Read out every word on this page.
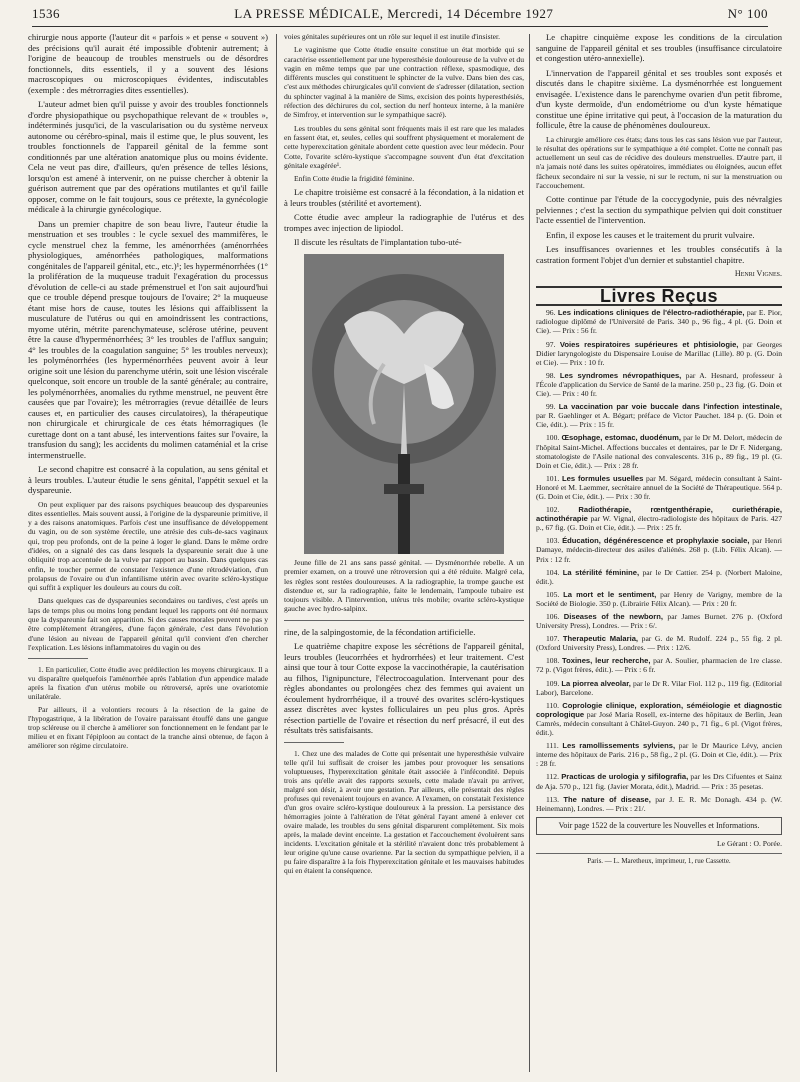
1536	LA PRESSE MÉDICALE, Mercredi, 14 Décembre 1927	N° 100

chirurgie nous apporte (l'auteur dit « parfois » et pense « souvent ») des précisions qu'il aurait été impossible d'obtenir autrement; à l'origine de beaucoup de troubles menstruels ou de désordres fonctionnels, dits essentiels, il y a souvent des lésions macroscopiques ou microscopiques évidentes, indiscutables (exemple : des métrorragies dites essentielles).

L'auteur admet bien qu'il puisse y avoir des troubles fonctionnels d'ordre physiopathique ou psychopathique relevant de « troubles », indéterminés jusqu'ici, de la vascularisation ou du système nerveux autonome ou cérébro-spinal, mais il estime que, le plus souvent, les troubles fonctionnels de l'appareil génital de la femme sont conditionnés par une altération anatomique plus ou moins évidente. Cela ne veut pas dire, d'ailleurs, qu'en présence de telles lésions, lorsqu'on est amené à intervenir, on ne puisse chercher à obtenir la guérison autrement que par des opérations mutilantes et qu'il faille opposer, comme on le fait toujours, sous ce prétexte, la gynécologie médicale à la chirurgie gynécologique.

Dans un premier chapitre de son beau livre, l'auteur étudie la menstruation et ses troubles : le cycle sexuel des mammifères, le cycle menstruel chez la femme, les aménorrhées (aménorrhées physiologiques, aménorrhées pathologiques, malformations congénitales de l'appareil génital, etc., etc.)¹; les hyperménorrhées (1° la prolifération de la muqueuse traduit l'exagération du processus d'évolution de celle-ci au stade prémenstruel et l'on sait aujourd'hui que ce trouble dépend presque toujours de l'ovaire; 2° la muqueuse étant mise hors de cause, toutes les lésions qui affaiblissent la musculature de l'utérus ou qui en amoindrissent les contractions, myome utérin, métrite parenchymateuse, sclérose utérine, peuvent être la cause d'hyperménorrhées; 3° les troubles de l'afflux sanguin; 4° les troubles de la coagulation sanguine; 5° les troubles nerveux); les polyménorrhées (les hyperménorrhées peuvent avoir à leur origine soit une lésion du parenchyme utérin, soit une lésion viscérale quelconque, soit encore un trouble de la santé générale; au contraire, les polyménorrhées, anomalies du rythme menstruel, ne peuvent être causées que par l'ovaire); les métrorragies (revue détaillée de leurs causes et, en particulier des causes circulatoires), la thérapeutique non chirurgicale et chirurgicale de ces états hémorragiques (le curettage dont on a tant abusé, les interventions faites sur l'ovaire, la transfusion du sang); les accidents du molimen cataménial et la crise intermenstruelle.

Le second chapitre est consacré à la copulation, au sens génital et à leurs troubles. L'auteur étudie le sens génital, l'appétit sexuel et la dyspareunie.

On peut expliquer par des raisons psychiques beaucoup des dyspareunies dites essentielles. Mais souvent aussi, à l'origine de la dyspareunie primitive, il y a des raisons anatomiques. Parfois c'est une insuffisance de développement du vagin, ou de son système érectile, une atrésie des culs-de-sacs vaginaux qui, trop peu profonds, ont de la peine à loger le gland. Dans le même ordre d'idées, on a signalé des cas dans lesquels la dyspareunie serait due à une obliquité trop accentuée de la vulve par rapport au bassin. Dans quelques cas enfin, le toucher permet de constater l'existence d'une rétrodéviation, d'un prolapsus de l'ovaire ou d'un infantilisme utérin avec ovarite scléro-kystique qui suffit à expliquer les douleurs au cours du coït.

Dans quelques cas de dyspareunies secondaires ou tardives, c'est après un laps de temps plus ou moins long pendant lequel les rapports ont été normaux que la dyspareunie fait son apparition. Si des causes morales peuvent ne pas y être complètement étrangères, d'une façon générale, c'est dans l'évolution d'une lésion au niveau de l'appareil génital qu'il convient d'en chercher l'explication. Les lésions inflammatoires du vagin ou des

1. En particulier, Cotte étudie avec prédilection les moyens chirurgicaux. Il a vu disparaître quelquefois l'aménorrhée après l'ablation d'un appendice malade après la fixation d'un utérus mobile ou rétroversé, après une ovariotomie unilatérale.

Par ailleurs, il a volontiers recours à la résection de la gaine de l'hypogastrique, à la libération de l'ovaire paraissant étouffé dans une gangue trop scléreuse ou il cherche à améliorer son fonctionnement en le fendant par le milieu et en fixant l'épiploon au contact de la tranche ainsi obtenue, de façon à améliorer son régime circulatoire.

voies génitales supérieures ont un rôle sur lequel il est inutile d'insister.

Le vaginisme que Cotte étudie ensuite constitue un état morbide qui se caractérise essentiellement par une hyperesthésie douloureuse de la vulve et du vagin en même temps que par une contraction réflexe, spasmodique, des différents muscles qui constituent le sphincter de la vulve. Dans bien des cas, c'est aux méthodes chirurgicales qu'il convient de s'adresser (dilatation, section du sphincter vaginal à la manière de Sims, excision des points hyperesthésiés, réfection des déchirures du col, section du nerf honteux interne, à la manière de Simfroy, et intervention sur le sympathique sacré).

Les troubles du sens génital sont fréquents mais il est rare que les malades en fassent état, et, seules, celles qui souffrent physiquement et moralement de cette hyperexcitation génitale abordent cette question avec leur médecin. Pour Cotte, l'ovarite scléro-kystique s'accompagne souvent d'un état d'excitation génitale exagérée¹.

Enfin Cotte étudie la frigidité féminine.

Le chapitre troisième est consacré à la fécondation, à la nidation et à leurs troubles (stérilité et avortement).

Cotte étudie avec ampleur la radiographie de l'utérus et des trompes avec injection de lipiodol.

Il discute les résultats de l'implantation tubo-uté-

Jeune fille de 21 ans sans passé génital. — Dysménorrhée rebelle. A un premier examen, on a trouvé une rétroversion qui a été réduite. Malgré cela, les règles sont restées douloureuses. A la radiographie, la trompe gauche est distendue et, sur la radiographie, faite le lendemain, l'ampoule tubaire est toujours visible. A l'intervention, utérus très mobile; ovarite scléro-kystique gauche avec hydro-salpinx.

rine, de la salpingostomie, de la fécondation artificielle.

Le quatrième chapitre expose les sécrétions de l'appareil génital, leurs troubles (leucorrhées et hydrorrhées) et leur traitement. C'est ainsi que tour à tour Cotte expose la vaccinothérapie, la cautérisation au filhos, l'ignipuncture, l'électrocoagulation. Intervenant pour des règles abondantes ou prolongées chez des femmes qui avaient un écoulement hydrorrhéique, il a trouvé des ovarites scléro-kystiques assez discrètes avec kystes folliculaires un peu plus gros. Après résection partielle de l'ovaire et résection du nerf présacré, il eut des résultats très satisfaisants.

1. Chez une des malades de Cotte qui présentait une hyperesthésie vulvaire telle qu'il lui suffisait de croiser les jambes pour provoquer les sensations voluptueuses, l'hyperexcitation génitale était associée à l'infécondité. Depuis trois ans qu'elle avait des rapports sexuels, cette malade n'avait pu arriver, malgré son désir, à avoir une gestation. Par ailleurs, elle présentait des règles profuses qui revenaient toujours en avance. A l'examen, on constatait l'existence d'un gros ovaire scléro-kystique douloureux à la pression. La persistance des hémorragies jointe à l'altération de l'état général l'ayant amené à enlever cet ovaire malade, les troubles du sens génital disparurent complètement. Six mois après, la malade devint enceinte. La gestation et l'accouchement évoluèrent sans incidents. L'excitation génitale et la stérilité n'avaient donc très probablement à leur origine qu'une cause ovarienne. Par la section du sympathique pelvien, il a pu faire disparaître à la fois l'hyperexcitation génitale et les mauvaises habitudes qui en étaient la conséquence.

Le chapitre cinquième expose les conditions de la circulation sanguine de l'appareil génital et ses troubles (insuffisance circulatoire et congestion utéro-annexielle).

L'innervation de l'appareil génital et ses troubles sont exposés et discutés dans le chapitre sixième. La dysménorrhée est longuement envisagée. L'existence dans le parenchyme ovarien d'un petit fibrome, d'un kyste dermoïde, d'un endométriome ou d'un kyste hématique constitue une épine irritative qui peut, à l'occasion de la maturation du follicule, être la cause de phénomènes douloureux.

La chirurgie améliore ces états; dans tous les cas sans lésion vue par l'auteur, le résultat des opérations sur le sympathique a été complet. Cotte ne connaît pas actuellement un seul cas de récidive des douleurs menstruelles. D'autre part, il n'a jamais noté dans les suites opératoires, immédiates ou éloignées, aucun effet fâcheux secondaire ni sur la vessie, ni sur le rectum, ni sur la menstruation ou l'accouchement.

Cotte continue par l'étude de la coccygodynie, puis des névralgies pelviennes ; c'est la section du sympathique pelvien qui doit constituer l'acte essentiel de l'intervention.

Enfin, il expose les causes et le traitement du prurit vulvaire.

Les insuffisances ovariennes et les troubles consécutifs à la castration forment l'objet d'un dernier et substantiel chapitre.

Henri Vignes.
Livres Reçus

96. Les indications cliniques de l'électro-radiothérapie, par E. Pior, radiologue diplômé de l'Université de Paris. 340 p., 96 fig., 4 pl. (G. Doin et Cie). — Prix : 56 fr.

97. Voies respiratoires supérieures et phtisiologie, par Georges Didier laryngologiste du Dispensaire Louise de Marillac (Lille). 80 p. (G. Doin et Cie). — Prix : 10 fr.

98. Les syndromes névropathiques, par A. Hesnard, professeur à l'École d'application du Service de Santé de la marine. 250 p., 23 fig. (G. Doin et Cie). — Prix : 40 fr.

99. La vaccination par voie buccale dans l'infection intestinale, par R. Gaehlinger et A. Bégart; préface de Victor Pauchet. 184 p. (G. Doin et Cie, édit.). — Prix : 15 fr.

100. Œsophage, estomac, duodénum, par le Dr M. Delort, médecin de l'hôpital Saint-Michel. Affections buccales et dentaires, par le Dr F. Nidergang, stomatologiste de l'Asile national des convalescents. 316 p., 89 fig., 19 pl. (G. Doin et Cie, édit.). — Prix : 28 fr.

101. Les formules usuelles par M. Ségard, médecin consultant à Saint-Honoré et M. Laemmer, secrétaire annuel de la Société de Thérapeutique. 564 p. (G. Doin et Cie, édit.). — Prix : 30 fr.

102.	Radiothérapie, rœntgenthérapie, curiethérapie, actinothérapie par W. Vignal, électro-radiologiste des hôpitaux de Paris. 427 p., 67 fig. (G. Doin et Cie, édit.). — Prix : 25 fr.

103. Éducation, dégénérescence et prophylaxie sociale, par Henri Damaye, médecin-directeur des asiles d'aliénés. 268 p. (Lib. Félix Alcan). — Prix : 12 fr.

104. La stérilité féminine, par le Dr Cattier. 254 p. (Norbert Maloine, édit.).

105. La mort et le sentiment, par Henry de Varigny, membre de la Société de Biologie. 350 p. (Librairie Félix Alcan). — Prix : 20 fr.

106. Diseases of the newborn, par James Burnet. 276 p. (Oxford University Press), Londres. — Prix : 6/.

107. Therapeutic Malaria, par G. de M. Rudolf. 224 p., 55 fig. 2 pl. (Oxford University Press), Londres. — Prix : 12/6.

108. Toxines, leur recherche, par A. Soulier, pharmacien de 1re classe. 72 p. (Vigot frères, édit.). — Prix : 6 fr.

109. La piorrea alveolar, par le Dr R. Vilar Fiol. 112 p., 119 fig. (Editorial Labor), Barcelone.

110. Coprologie clinique, exploration, séméiologie et diagnostic coprologique par José Maria Rosell, ex-interne des hôpitaux de Berlin, Jean Camrès, médecin consultant à Châtel-Guyon. 240 p., 71 fig., 6 pl. (Vigot frères, édit.).

111. Les ramollissements sylviens, par le Dr Maurice Lévy, ancien interne des hôpitaux de Paris. 216 p., 58 fig., 2 pl. (G. Doin et Cie, édit.). — Prix : 28 fr.

112. Practicas de urologia y sifilografia, par les Drs Cifuentes et Sainz de Aja. 570 p., 121 fig. (Javier Morata, édit.), Madrid. — Prix : 35 pesetas.

113. The nature of disease, par J. E. R. Mc Donagh. 434 p. (W. Heinemann), Londres. — Prix : 21/.

Voir page 1522 de la couverture les Nouvelles et Informations.
Le Gérant : O. Porée.
Paris. — L. Maretheux, imprimeur, 1, rue Cassette.
